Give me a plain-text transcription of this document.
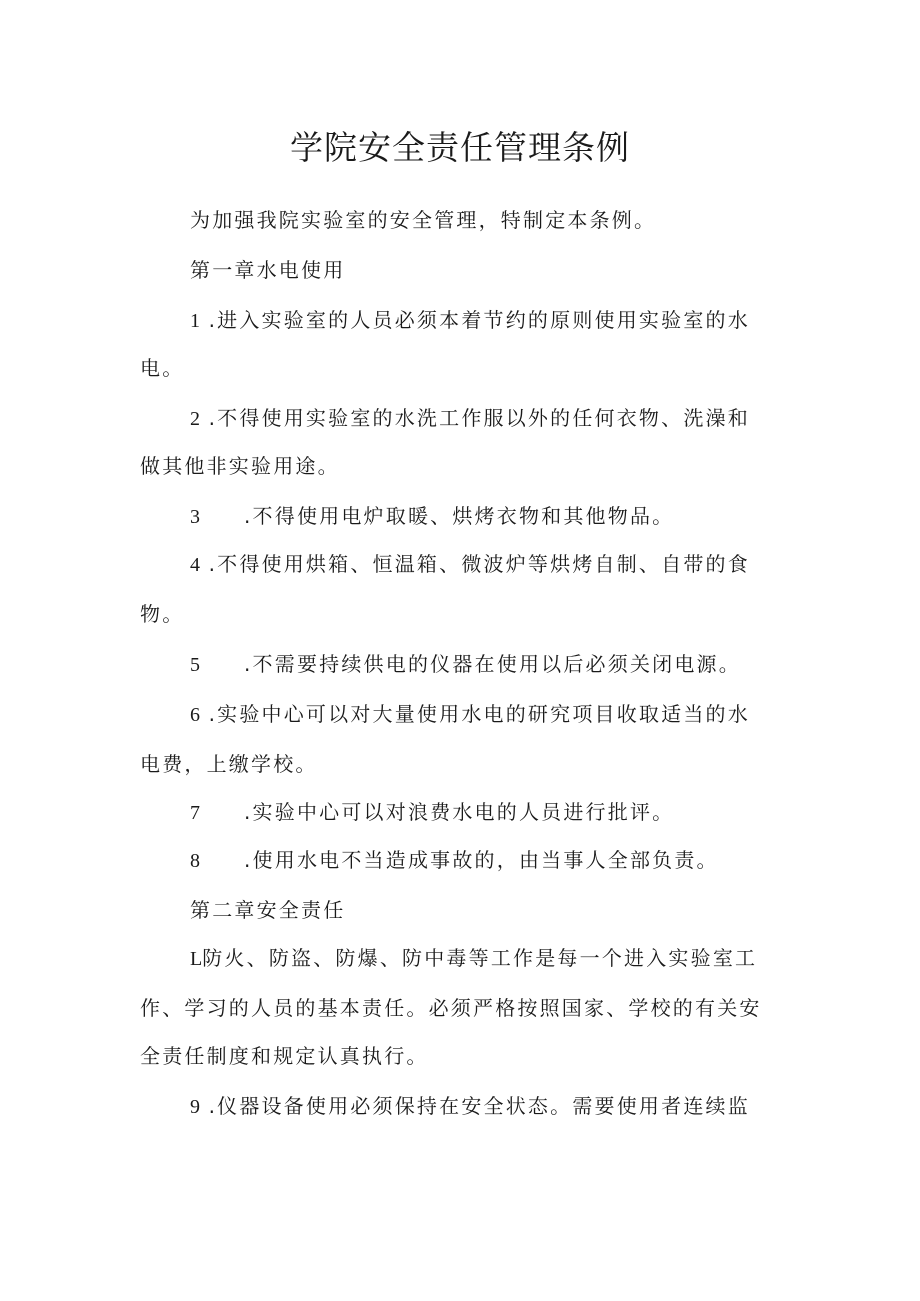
学院安全责任管理条例
为加强我院实验室的安全管理，特制定本条例。
第一章水电使用
1 .进入实验室的人员必须本着节约的原则使用实验室的水
电。
2 .不得使用实验室的水洗工作服以外的任何衣物、洗澡和
做其他非实验用途。
3 .不得使用电炉取暖、烘烤衣物和其他物品。
4 .不得使用烘箱、恒温箱、微波炉等烘烤自制、自带的食
物。
5 .不需要持续供电的仪器在使用以后必须关闭电源。
6 .实验中心可以对大量使用水电的研究项目收取适当的水
电费，上缴学校。
7 .实验中心可以对浪费水电的人员进行批评。
8 .使用水电不当造成事故的，由当事人全部负责。
第二章安全责任
L防火、防盗、防爆、防中毒等工作是每一个进入实验室工
作、学习的人员的基本责任。必须严格按照国家、学校的有关安
全责任制度和规定认真执行。
9 .仪器设备使用必须保持在安全状态。需要使用者连续监
